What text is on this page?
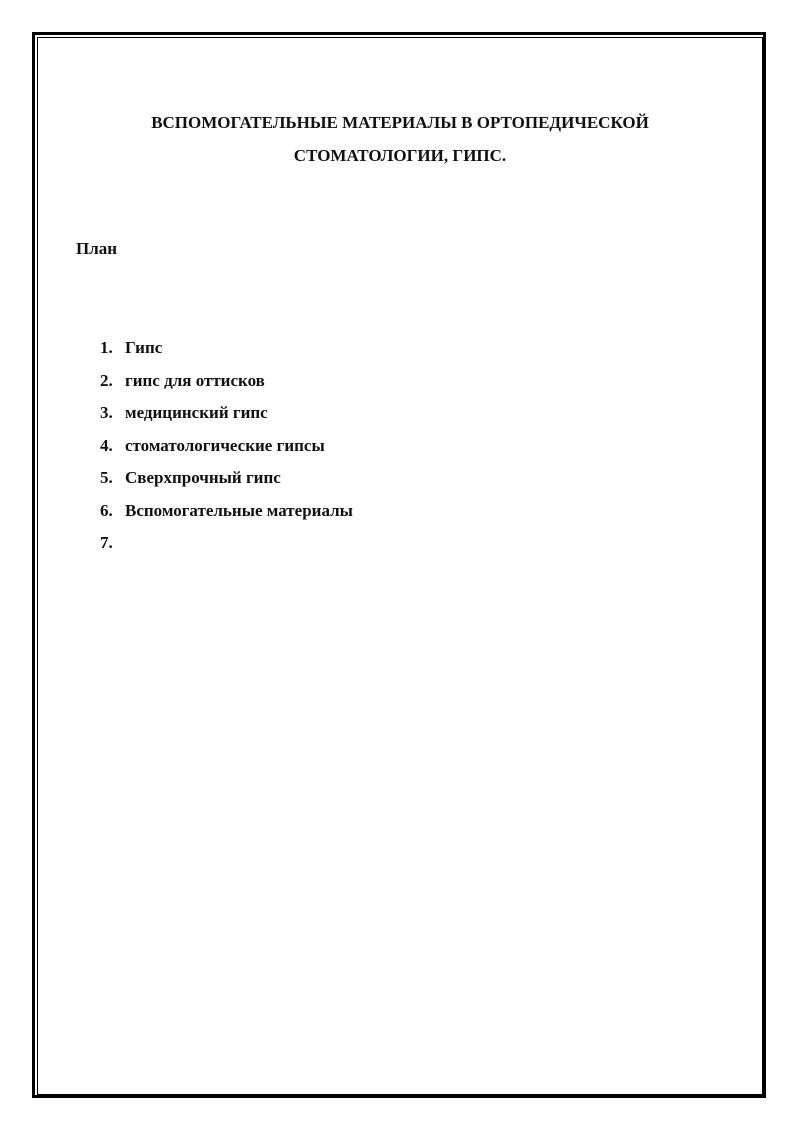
ВСПОМОГАТЕЛЬНЫЕ МАТЕРИАЛЫ В ОРТОПЕДИЧЕСКОЙ
СТОМАТОЛОГИИ, ГИПС.

План

1. Гипс
2. гипс для оттисков
3. медицинский гипс
4. стоматологические гипсы
5. Сверхпрочный гипс
6. Вспомогательные материалы
7.
